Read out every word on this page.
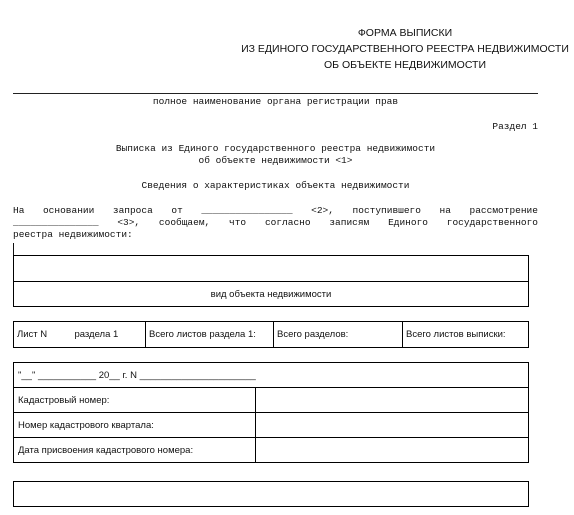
ФОРМА ВЫПИСКИ
ИЗ ЕДИНОГО ГОСУДАРСТВЕННОГО РЕЕСТРА НЕДВИЖИМОСТИ
ОБ ОБЪЕКТЕ НЕДВИЖИМОСТИ
полное наименование органа регистрации прав
Раздел 1
Выписка из Единого государственного реестра недвижимости
об объекте недвижимости <1>
Сведения о характеристиках объекта недвижимости
На основании запроса от ________________ <2>, поступившего на рассмотрение
_______________ <3>, сообщаем, что согласно записям Единого государственного
реестра недвижимости:

вид объекта недвижимости
Лист N	раздела 1	Всего листов раздела 1:	Всего разделов:	Всего листов выписки:
"__" ___________ 20__ г. N ______________________	
Кадастровый номер:	
Номер кадастрового квартала:	
Дата присвоения кадастрового номера:	
